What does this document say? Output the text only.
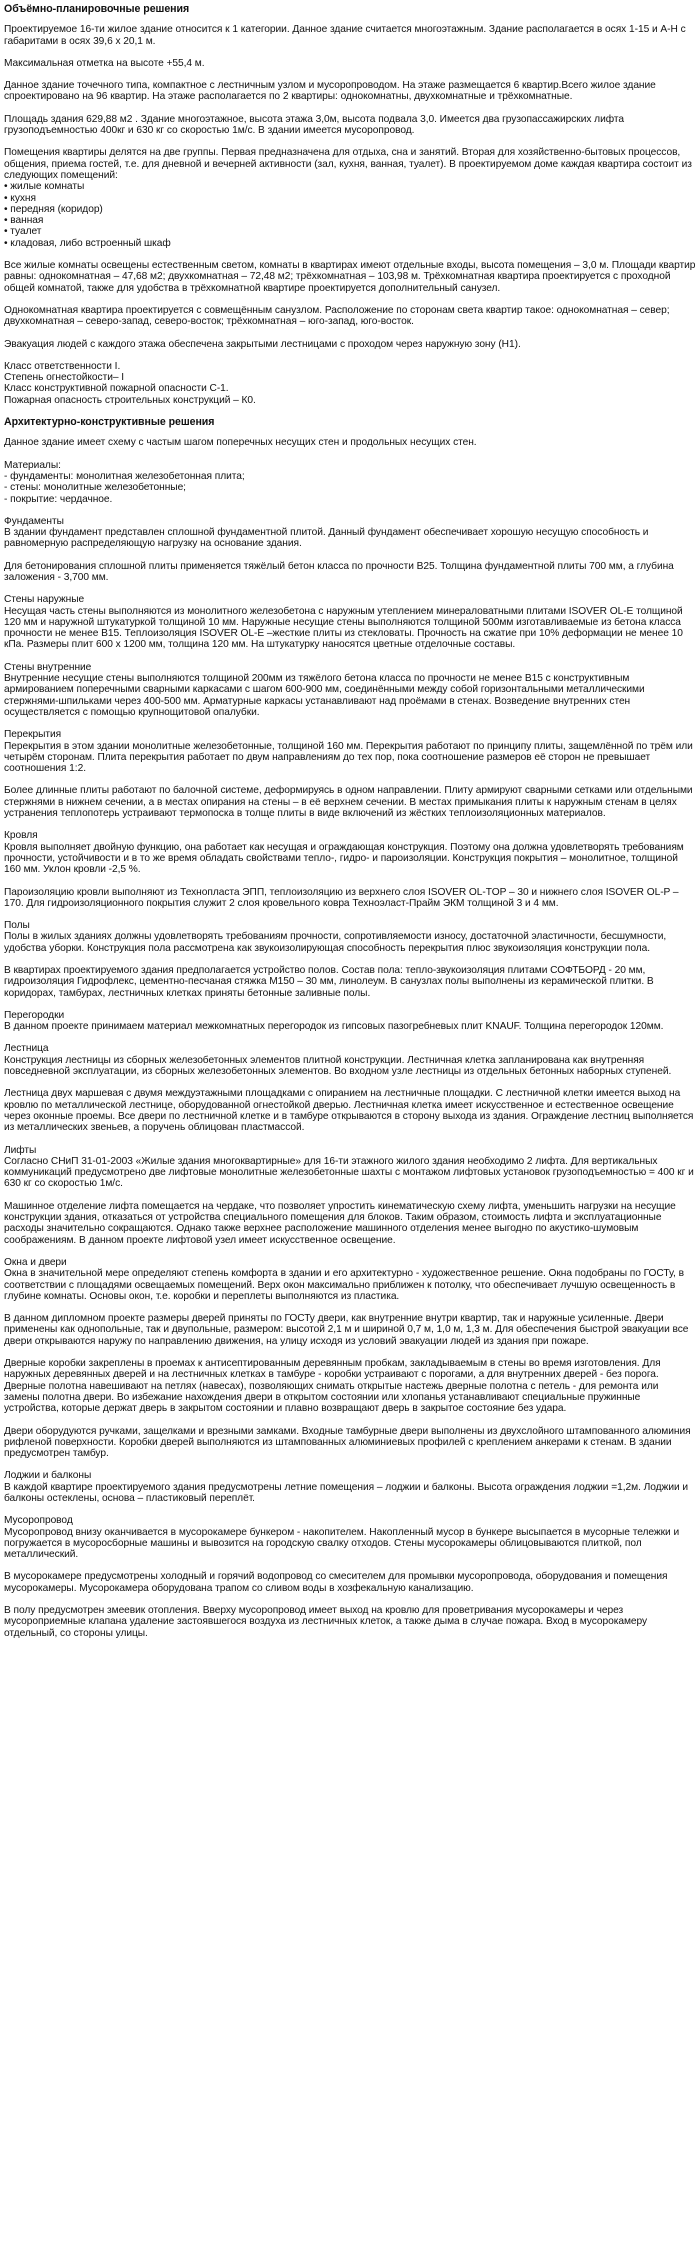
Объёмно-планировочные решения
Проектируемое 16-ти жилое здание относится к 1 категории. Данное здание считается многоэтажным. Здание располагается в осях 1-15 и А-Н с габаритами в осях 39,6 x 20,1 м.
Максимальная отметка на высоте +55,4 м.
Данное здание точечного типа, компактное с лестничным узлом и мусоропроводом. На этаже размещается 6 квартир.Всего жилое здание спроектировано на 96 квартир. На этаже располагается по 2 квартиры: однокомнатны, двухкомнатные и трёхкомнатные.
Площадь здания 629,88 м2 . Здание многоэтажное, высота этажа 3,0м, высота подвала 3,0. Имеется два грузопассажирских лифта грузоподъемностью 400кг и 630 кг со скоростью 1м/с. В здании имеется мусоропровод.
Помещения квартиры делятся на две группы. Первая предназначена для отдыха, сна и занятий. Вторая для хозяйственно-бытовых процессов, общения, приема гостей, т.е. для дневной и вечерней активности (зал, кухня, ванная, туалет). В проектируемом доме каждая квартира состоит из следующих помещений:
• жилые комнаты
• кухня
• передняя (коридор)
• ванная
• туалет
• кладовая, либо встроенный шкаф
Все жилые комнаты освещены естественным светом, комнаты в квартирах имеют отдельные входы, высота помещения – 3,0 м. Площади квартир равны: однокомнатная – 47,68 м2; двухкомнатная – 72,48 м2; трёхкомнатная – 103,98 м. Трёхкомнатная квартира проектируется с проходной общей комнатой, также для удобства в трёхкомнатной квартире проектируется дополнительный санузел.
Однокомнатная квартира проектируется с совмещённым санузлом. Расположение по сторонам света квартир такое: однокомнатная – север; двухкомнатная – северо-запад, северо-восток; трёхкомнатная – юго-запад, юго-восток.
Эвакуация людей с каждого этажа обеспечена закрытыми лестницами с проходом через наружную зону (Н1).
Класс ответственности I.
Степень огнестойкости– I
Класс конструктивной пожарной опасности С-1.
Пожарная опасность строительных конструкций – К0.
Архитектурно-конструктивные решения
Данное здание имеет схему с частым шагом поперечных несущих стен и продольных несущих стен.
Материалы:
- фундаменты: монолитная железобетонная плита;
- стены: монолитные железобетонные;
- покрытие: чердачное.
Фундаменты
В здании фундамент представлен сплошной фундаментной плитой. Данный фундамент обеспечивает хорошую несущую способность и равномерную распределяющую нагрузку на основание здания.
Для бетонирования сплошной плиты применяется тяжёлый бетон класса по прочности B25. Толщина фундаментной плиты 700 мм, а глубина заложения - 3,700 мм.
Стены наружные
Несущая часть стены выполняются из монолитного железобетона с наружным утеплением минераловатными плитами ISOVER OL-E толщиной 120 мм и наружной штукатуркой толщиной 10 мм. Наружные несущие стены выполняются толщиной 500мм изготавливаемые из бетона класса прочности не менее B15. Теплоизоляция ISOVER OL-E –жесткие плиты из стекловаты. Прочность на сжатие при 10% деформации не менее 10 кПа. Размеры плит 600 х 1200 мм, толщина 120 мм. На штукатурку наносятся цветные отделочные составы.
Стены внутренние
Внутренние несущие стены выполняются толщиной 200мм из тяжёлого бетона класса по прочности не менее B15 с конструктивным армированием поперечными сварными каркасами с шагом 600-900 мм, соединёнными между собой горизонтальными металлическими стержнями-шпильками через 400-500 мм. Арматурные каркасы устанавливают над проёмами в стенах. Возведение внутренних стен осуществляется с помощью крупнощитовой опалубки.
Перекрытия
Перекрытия в этом здании монолитные железобетонные, толщиной 160 мм. Перекрытия работают по принципу плиты, защемлённой по трём или четырём сторонам. Плита перекрытия работает по двум направлениям до тех пор, пока соотношение размеров её сторон не превышает соотношения 1:2.
Более длинные плиты работают по балочной системе, деформируясь в одном направлении. Плиту армируют сварными сетками или отдельными стержнями в нижнем сечении, а в местах опирания на стены – в её верхнем сечении. В местах примыкания плиты к наружным стенам в целях устранения теплопотерь устраивают термопоска в толще плиты в виде включений из жёстких теплоизоляционных материалов.
Кровля
Кровля выполняет двойную функцию, она работает как несущая и ограждающая конструкция. Поэтому она должна удовлетворять требованиям прочности, устойчивости и в то же время обладать свойствами тепло-, гидро- и пароизоляции. Конструкция покрытия – монолитное, толщиной 160 мм. Уклон кровли -2,5 %.
Пароизоляцию кровли выполняют из Технопласта ЭПП, теплоизоляцию из верхнего слоя ISOVER OL-TOP – 30 и нижнего слоя ISOVER OL-P – 170. Для гидроизоляционного покрытия служит 2 слоя кровельного ковра Техноэласт-Прайм ЭКМ толщиной 3 и 4 мм.
Полы
Полы в жилых зданиях должны удовлетворять требованиям прочности, сопротивляемости износу, достаточной эластичности, бесшумности, удобства уборки. Конструкция пола рассмотрена как звукоизолирующая способность перекрытия плюс звукоизоляция конструкции пола.
В квартирах проектируемого здания предполагается устройство полов. Состав пола: тепло-звукоизоляция плитами СОФТБОРД - 20 мм, гидроизоляция Гидрофлекс, цементно-песчаная стяжка М150 – 30 мм, линолеум. В санузлах полы выполнены из керамической плитки. В коридорах, тамбурах, лестничных клетках приняты бетонные заливные полы.
Перегородки
В данном проекте принимаем материал межкомнатных перегородок из гипсовых пазогребневых плит KNAUF. Толщина перегородок 120мм.
Лестница
Конструкция лестницы из сборных железобетонных элементов плитной конструкции. Лестничная клетка запланирована как внутренняя повседневной эксплуатации, из сборных железобетонных элементов. Во входном узле лестницы из отдельных бетонных наборных ступеней.
Лестница двух маршевая с двумя междуэтажными площадками с опиранием на лестничные площадки. С лестничной клетки имеется выход на кровлю по металлической лестнице, оборудованной огнестойкой дверью. Лестничная клетка имеет искусственное и естественное освещение через оконные проемы. Все двери по лестничной клетке и в тамбуре открываются в сторону выхода из здания. Ограждение лестниц выполняется из металлических звеньев, а поручень облицован пластмассой.
Лифты
Согласно СНиП 31-01-2003 «Жилые здания многоквартирные» для 16-ти этажного жилого здания необходимо 2 лифта. Для вертикальных коммуникаций предусмотрено две лифтовые монолитные железобетонные шахты с монтажом лифтовых установок грузоподъемностью = 400 кг и 630 кг со скоростью 1м/с.
Машинное отделение лифта помещается на чердаке, что позволяет упростить кинематическую схему лифта, уменьшить нагрузки на несущие конструкции здания, отказаться от устройства специального помещения для блоков. Таким образом, стоимость лифта и эксплуатационные расходы значительно сокращаются. Однако также верхнее расположение машинного отделения менее выгодно по акустико-шумовым соображениям. В данном проекте лифтовой узел имеет искусственное освещение.
Окна и двери
Окна в значительной мере определяют степень комфорта в здании и его архитектурно - художественное решение. Окна подобраны по ГОСТу, в соответствии с площадями освещаемых помещений. Верх окон максимально приближен к потолку, что обеспечивает лучшую освещенность в глубине комнаты. Основы окон, т.е. коробки и переплеты выполняются из пластика.
В данном дипломном проекте размеры дверей приняты по ГОСТу двери, как внутренние внутри квартир, так и наружные усиленные. Двери применены как однопольные, так и двупольные, размером: высотой 2,1 м и шириной 0,7 м, 1,0 м, 1,3 м. Для обеспечения быстрой эвакуации все двери открываются наружу по направлению движения, на улицу исходя из условий эвакуации людей из здания при пожаре.
Дверные коробки закреплены в проемах к антисептированным деревянным пробкам, закладываемым в стены во время изготовления. Для наружных деревянных дверей и на лестничных клетках в тамбуре - коробки устраивают с порогами, а для внутренних дверей - без порога. Дверные полотна навешивают на петлях (навесах), позволяющих снимать открытые настежь дверные полотна с петель - для ремонта или замены полотна двери. Во избежание нахождения двери в открытом состоянии или хлопанья устанавливают специальные пружинные устройства, которые держат дверь в закрытом состоянии и плавно возвращают дверь в закрытое состояние без удара.
Двери оборудуются ручками, защелками и врезными замками. Входные тамбурные двери выполнены из двухслойного штампованного алюминия рифленой поверхности. Коробки дверей выполняются из штампованных алюминиевых профилей с креплением анкерами к стенам. В здании предусмотрен тамбур.
Лоджии и балконы
В каждой квартире проектируемого здания предусмотрены летние помещения – лоджии и балконы. Высота ограждения лоджии =1,2м. Лоджии и балконы остеклены, основа – пластиковый переплёт.
Мусоропровод
Мусоропровод внизу оканчивается в мусорокамере бункером - накопителем. Накопленный мусор в бункере высыпается в мусорные тележки и погружается в мусоросборные машины и вывозится на городскую свалку отходов. Стены мусорокамеры облицовываются плиткой, пол металлический.
В мусорокамере предусмотрены холодный и горячий водопровод со смесителем для промывки мусоропровода, оборудования и помещения мусорокамеры. Мусорокамера оборудована трапом со сливом воды в хозфекальную канализацию.
В полу предусмотрен змеевик отопления. Вверху мусоропровод имеет выход на кровлю для проветривания мусорокамеры и через мусороприемные клапана удаление застоявшегося воздуха из лестничных клеток, а также дыма в случае пожара. Вход в мусорокамеру отдельный, со стороны улицы.
